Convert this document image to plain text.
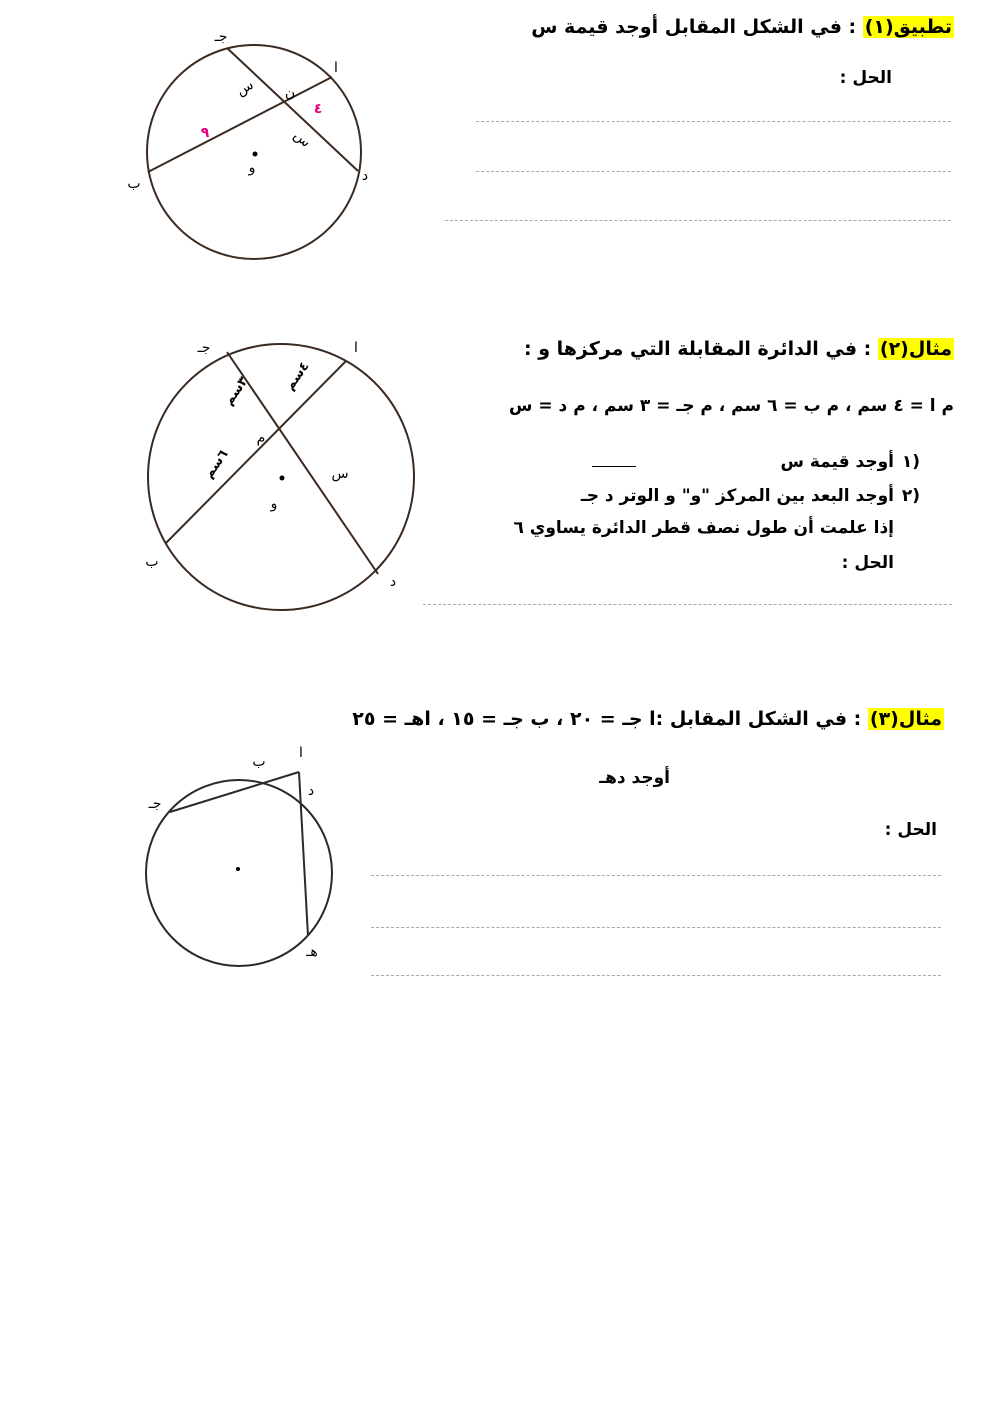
تطبيق(١) : في الشكل المقابل أوجد قيمة س
الحل :
جـ
ا
ب	د
ن
و
س
س
٤
٩
مثال(٢) : في الدائرة المقابلة التي مركزها و :
م ا = ٤ سم ، م ب = ٦ سم ، م جـ = ٣ سم ، م د = س
١)
أوجد قيمة س
٢)
أوجد البعد بين المركز "و" و الوتر د جـ
إذا علمت أن طول نصف قطر الدائرة يساوي ٦
الحل :
جـ	ا
ب
د
م
و
س
٣سم ٤سم
٦سم
مثال(٣) : في الشكل المقابل :ا جـ = ٢٠ ، ب جـ = ١٥ ، اهـ = ٢٥
أوجد دهـ
الحل :
ا
ب
جـ
د
هـ
